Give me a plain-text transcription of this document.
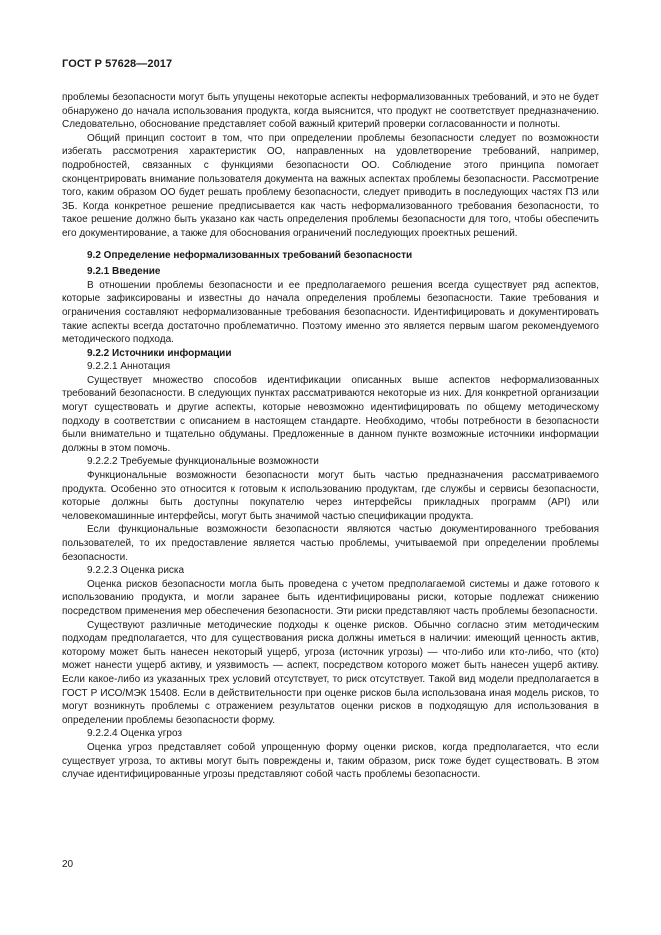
ГОСТ Р 57628—2017

проблемы безопасности могут быть упущены некоторые аспекты неформализованных требований, и это не будет обнаружено до начала использования продукта, когда выяснится, что продукт не соответствует предназначению. Следовательно, обоснование представляет собой важный критерий проверки согласованности и полноты.

Общий принцип состоит в том, что при определении проблемы безопасности следует по возможности избегать рассмотрения характеристик ОО, направленных на удовлетворение требований, например, подробностей, связанных с функциями безопасности ОО. Соблюдение этого принципа помогает сконцентрировать внимание пользователя документа на важных аспектах проблемы безопасности. Рассмотрение того, каким образом ОО будет решать проблему безопасности, следует приводить в последующих частях ПЗ или ЗБ. Когда конкретное решение предписывается как часть неформализованного требования безопасности, то такое решение должно быть указано как часть определения проблемы безопасности для того, чтобы обеспечить его документирование, а также для обоснования ограничений последующих проектных решений.

9.2 Определение неформализованных требований безопасности

9.2.1 Введение

В отношении проблемы безопасности и ее предполагаемого решения всегда существует ряд аспектов, которые зафиксированы и известны до начала определения проблемы безопасности. Такие требования и ограничения составляют неформализованные требования безопасности. Идентифицировать и документировать такие аспекты всегда достаточно проблематично. Поэтому именно это является первым шагом рекомендуемого методического подхода.

9.2.2 Источники информации

9.2.2.1 Аннотация

Существует множество способов идентификации описанных выше аспектов неформализованных требований безопасности. В следующих пунктах рассматриваются некоторые из них. Для конкретной организации могут существовать и другие аспекты, которые невозможно идентифицировать по общему методическому подходу в соответствии с описанием в настоящем стандарте. Необходимо, чтобы потребности в безопасности были внимательно и тщательно обдуманы. Предложенные в данном пункте возможные источники информации должны в этом помочь.

9.2.2.2 Требуемые функциональные возможности

Функциональные возможности безопасности могут быть частью предназначения рассматриваемого продукта. Особенно это относится к готовым к использованию продуктам, где службы и сервисы безопасности, которые должны быть доступны покупателю через интерфейсы прикладных программ (API) или человекомашинные интерфейсы, могут быть значимой частью спецификации продукта.

Если функциональные возможности безопасности являются частью документированного требования пользователей, то их предоставление является частью проблемы, учитываемой при определении проблемы безопасности.

9.2.2.3 Оценка риска

Оценка рисков безопасности могла быть проведена с учетом предполагаемой системы и даже готового к использованию продукта, и могли заранее быть идентифицированы риски, которые подлежат снижению посредством применения мер обеспечения безопасности. Эти риски представляют часть проблемы безопасности.

Существуют различные методические подходы к оценке рисков. Обычно согласно этим методическим подходам предполагается, что для существования риска должны иметься в наличии: имеющий ценность актив, которому может быть нанесен некоторый ущерб, угроза (источник угрозы) — что-либо или кто-либо, что (кто) может нанести ущерб активу, и уязвимость — аспект, посредством которого может быть нанесен ущерб активу. Если какое-либо из указанных трех условий отсутствует, то риск отсутствует. Такой вид модели предполагается в ГОСТ Р ИСО/МЭК 15408. Если в действительности при оценке рисков была использована иная модель рисков, то могут возникнуть проблемы с отражением результатов оценки рисков в подходящую для использования в определении проблемы безопасности форму.

9.2.2.4 Оценка угроз

Оценка угроз представляет собой упрощенную форму оценки рисков, когда предполагается, что если существует угроза, то активы могут быть повреждены и, таким образом, риск тоже будет существовать. В этом случае идентифицированные угрозы представляют собой часть проблемы безопасности.

20
